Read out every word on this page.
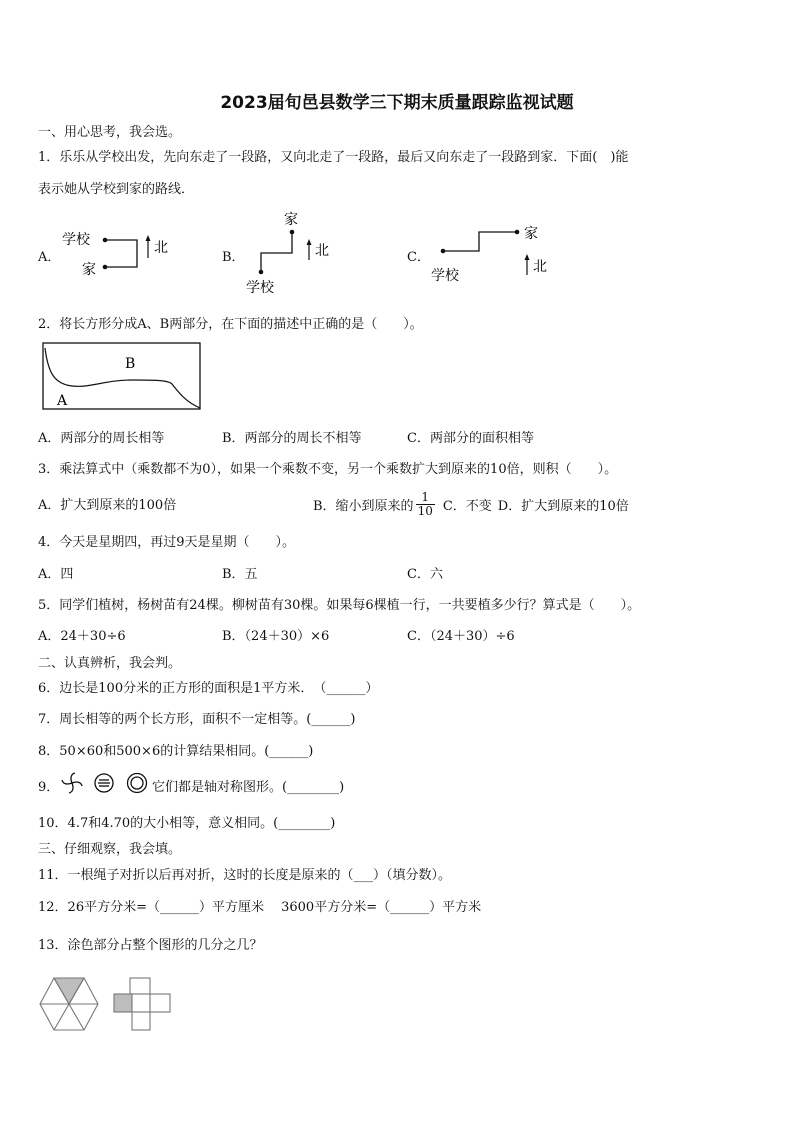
2023届旬邑县数学三下期末质量跟踪监视试题
一、用心思考，我会选。
1．乐乐从学校出发，先向东走了一段路，又向北走了一段路，最后又向东走了一段路到家．下面(　)能
表示她从学校到家的路线．
A．
学校
家
北
B．
家
学校
北	C．
家
学校
北
2．将长方形分成A、B两部分，在下面的描述中正确的是（　　）。
B
A
A．两部分的周长相等	B．两部分的周长不相等	C．两部分的面积相等
3．乘法算式中（乘数都不为0），如果一个乘数不变，另一个乘数扩大到原来的10倍，则积（　　）。
A．扩大到原来的100倍	B．缩小到原来的 $\frac{1}{10}$ C．不变 D．扩大到原来的10倍
4．今天是星期四，再过9天是星期（　　）。
A．四	B．五	C．六
5．同学们植树，杨树苗有24棵。柳树苗有30棵。如果每6棵植一行，一共要植多少行？算式是（　　）。
A．24＋30÷6	B．（24＋30）×6	C．（24＋30）÷6
二、认真辨析，我会判。
6．边长是100分米的正方形的面积是1平方米．　（______）
7．周长相等的两个长方形，面积不一定相等。(______)
8．50×60和500×6的计算结果相同。(______)
9．	它们都是轴对称图形。(________)
10．4.7和4.70的大小相等，意义相同。(________)
三、仔细观察，我会填。
11．一根绳子对折以后再对折，这时的长度是原来的（___）（填分数）。
12．26平方分米=（______）平方厘米　 3600平方分米=（______）平方米
13．涂色部分占整个图形的几分之几？
